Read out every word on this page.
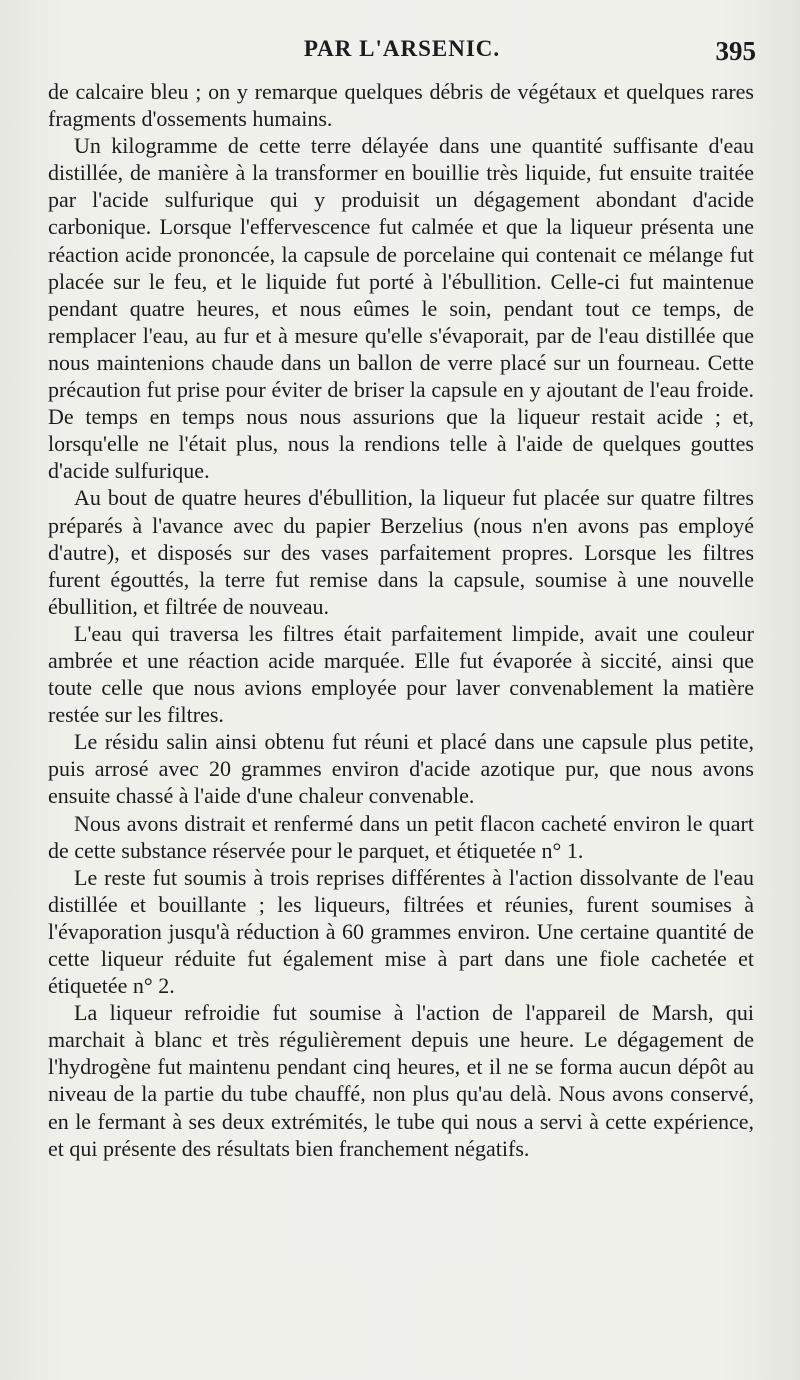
PAR L'ARSENIC.	395

de calcaire bleu ; on y remarque quelques débris de végétaux et quelques rares fragments d'ossements humains.

Un kilogramme de cette terre délayée dans une quantité suffisante d'eau distillée, de manière à la transformer en bouillie très liquide, fut ensuite traitée par l'acide sulfurique qui y produisit un dégagement abondant d'acide carbonique. Lorsque l'effervescence fut calmée et que la liqueur présenta une réaction acide prononcée, la capsule de porcelaine qui contenait ce mélange fut placée sur le feu, et le liquide fut porté à l'ébullition. Celle-ci fut maintenue pendant quatre heures, et nous eûmes le soin, pendant tout ce temps, de remplacer l'eau, au fur et à mesure qu'elle s'évaporait, par de l'eau distillée que nous maintenions chaude dans un ballon de verre placé sur un fourneau. Cette précaution fut prise pour éviter de briser la capsule en y ajoutant de l'eau froide. De temps en temps nous nous assurions que la liqueur restait acide ; et, lorsqu'elle ne l'était plus, nous la rendions telle à l'aide de quelques gouttes d'acide sulfurique.

Au bout de quatre heures d'ébullition, la liqueur fut placée sur quatre filtres préparés à l'avance avec du papier Berzelius (nous n'en avons pas employé d'autre), et disposés sur des vases parfaitement propres. Lorsque les filtres furent égouttés, la terre fut remise dans la capsule, soumise à une nouvelle ébullition, et filtrée de nouveau.

L'eau qui traversa les filtres était parfaitement limpide, avait une couleur ambrée et une réaction acide marquée. Elle fut évaporée à siccité, ainsi que toute celle que nous avions employée pour laver convenablement la matière restée sur les filtres.

Le résidu salin ainsi obtenu fut réuni et placé dans une capsule plus petite, puis arrosé avec 20 grammes environ d'acide azotique pur, que nous avons ensuite chassé à l'aide d'une chaleur convenable.

Nous avons distrait et renfermé dans un petit flacon cacheté environ le quart de cette substance réservée pour le parquet, et étiquetée n° 1.

Le reste fut soumis à trois reprises différentes à l'action dissolvante de l'eau distillée et bouillante ; les liqueurs, filtrées et réunies, furent soumises à l'évaporation jusqu'à réduction à 60 grammes environ. Une certaine quantité de cette liqueur réduite fut également mise à part dans une fiole cachetée et étiquetée n° 2.

La liqueur refroidie fut soumise à l'action de l'appareil de Marsh, qui marchait à blanc et très régulièrement depuis une heure. Le dégagement de l'hydrogène fut maintenu pendant cinq heures, et il ne se forma aucun dépôt au niveau de la partie du tube chauffé, non plus qu'au delà. Nous avons conservé, en le fermant à ses deux extrémités, le tube qui nous a servi à cette expérience, et qui présente des résultats bien franchement négatifs.
